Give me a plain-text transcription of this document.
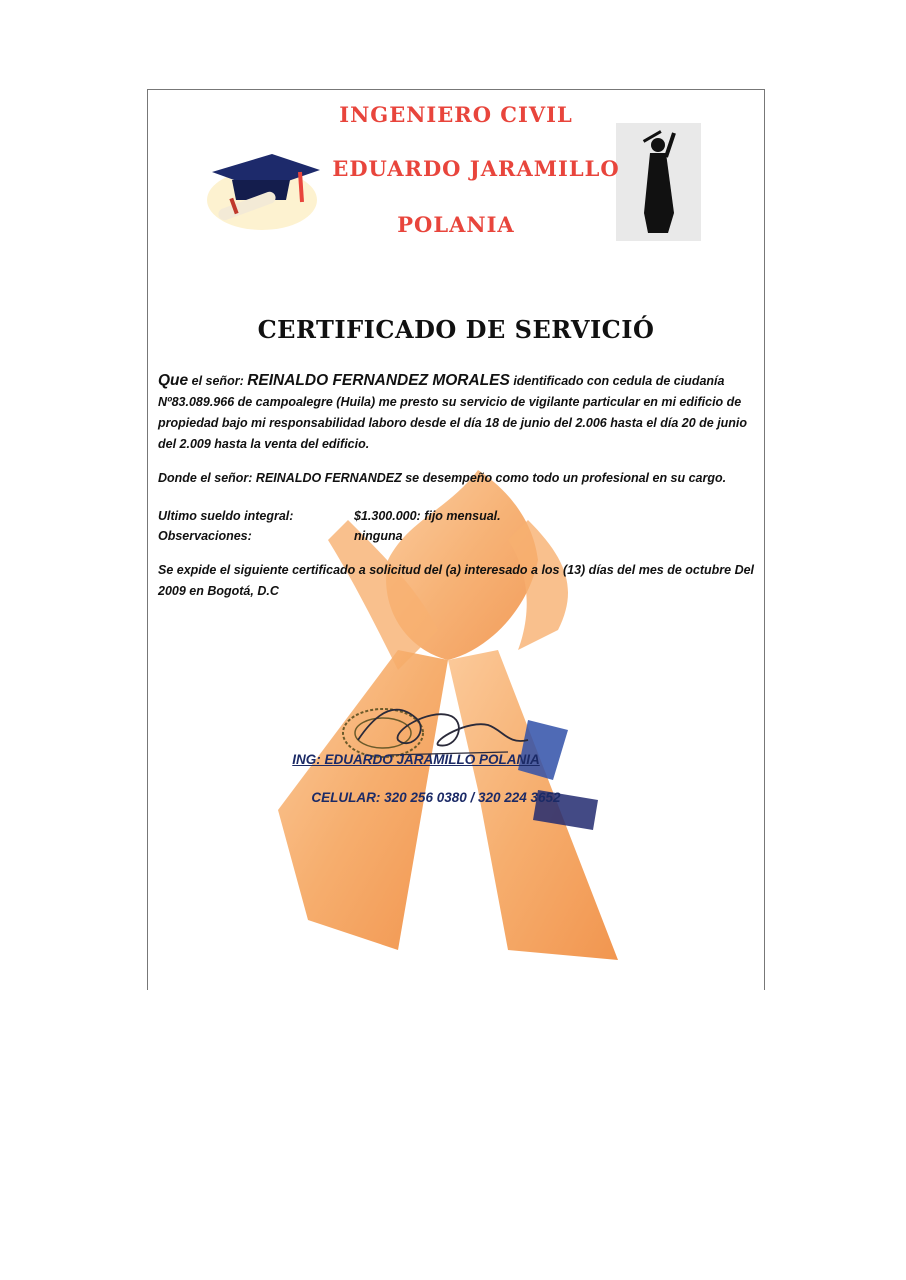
INGENIERO CIVIL
EDUARDO JARAMILLO
POLANIA
CERTIFICADO DE SERVICIÓ
Que el señor: REINALDO FERNANDEZ MORALES identificado con cedula de ciudanía Nº83.089.966 de campoalegre (Huila) me presto su servicio de vigilante particular en mi edificio de propiedad bajo mi responsabilidad laboro desde el día 18 de junio del 2.006 hasta el día 20 de junio del 2.009 hasta la venta del edificio.
Donde el señor: REINALDO FERNANDEZ se desempeño como todo un profesional en su cargo.
Ultimo sueldo integral:	$1.300.000: fijo mensual.
Observaciones:	ninguna
Se expide el siguiente certificado a solicitud del (a) interesado a los (13) días del mes de octubre Del 2009 en Bogotá, D.C
ING: EDUARDO JARAMILLO POLANIA
CELULAR: 320 256 0380 / 320 224 3652
